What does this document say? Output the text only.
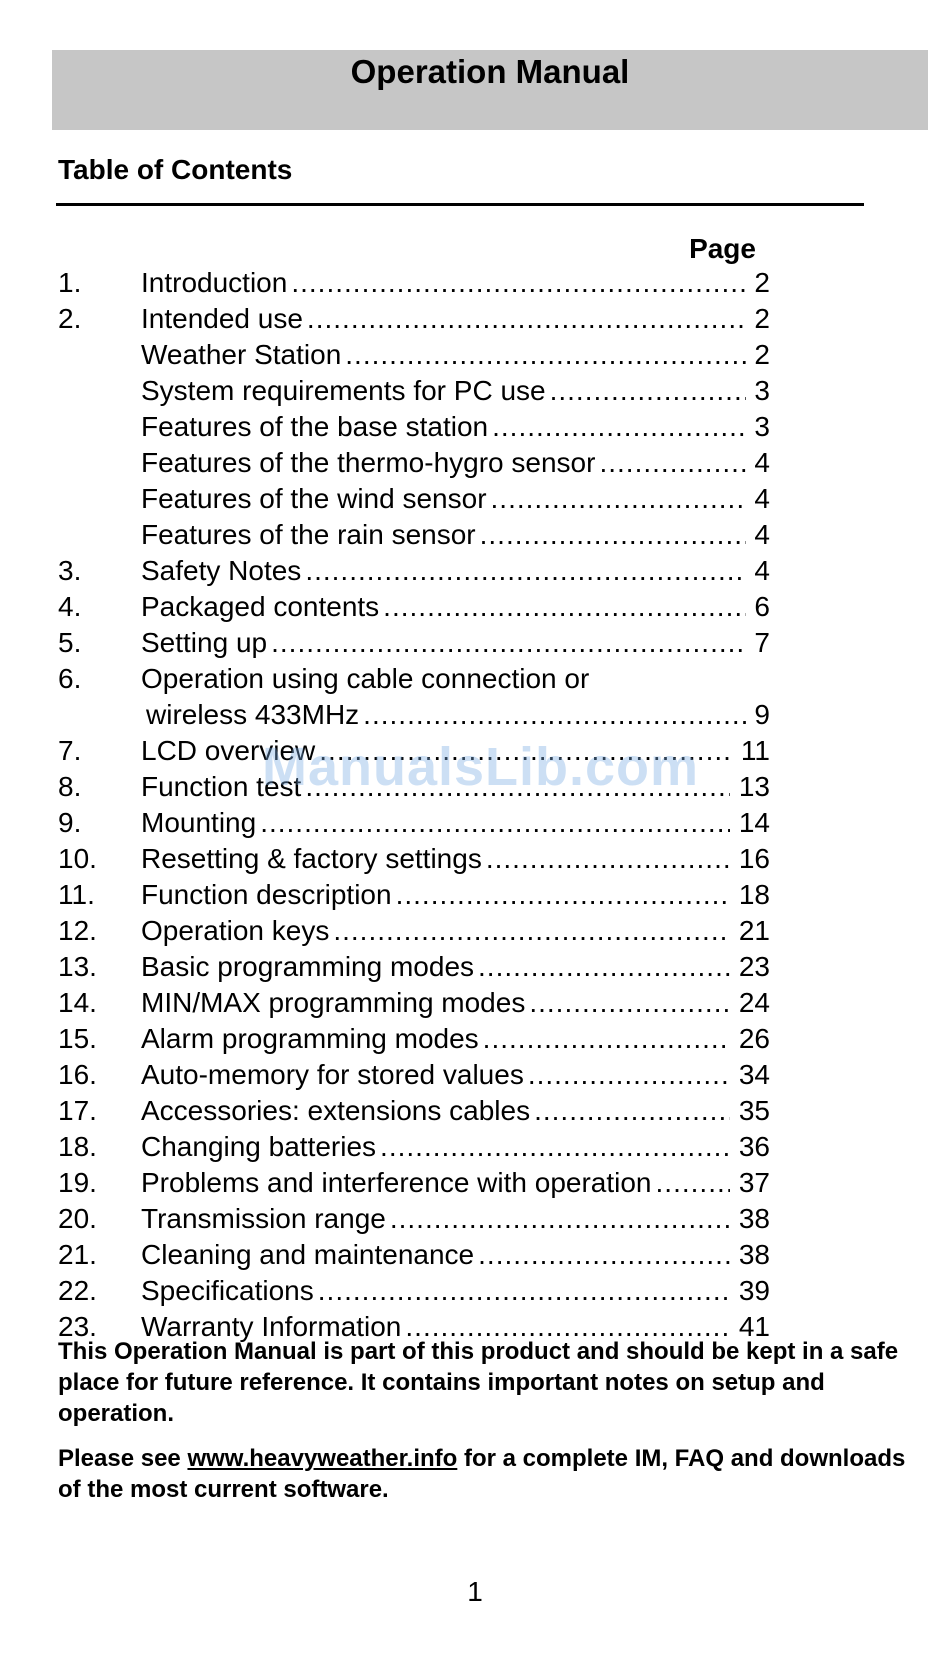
Operation Manual
Table of Contents
Page
1.	Introduction .....	2
2.	Intended use .....	2
Weather Station .....	2
System requirements for PC use .....	3
Features of the base station .....	3
Features of the thermo-hygro sensor .....	4
Features of the wind sensor .....	4
Features of the rain sensor .....	4
3.	Safety Notes .....	4
4.	Packaged contents .....	6
5.	Setting up .....	7
6.	Operation using cable connection or
wireless 433MHz .....	9
7.	LCD overview .....	11
8.	Function test .....	13
9.	Mounting .....	14
10.	Resetting & factory settings .....	16
11.	Function description .....	18
12.	Operation keys .....	21
13.	Basic programming modes .....	23
14.	MIN/MAX programming modes .....	24
15.	Alarm programming modes .....	26
16.	Auto-memory for stored values .....	34
17.	Accessories: extensions cables .....	35
18.	Changing batteries .....	36
19.	Problems and interference with operation .....	37
20.	Transmission range .....	38
21.	Cleaning and maintenance .....	38
22.	Specifications .....	39
23.	Warranty Information .....	41
ManualsLib.com

This Operation Manual is part of this product and should be kept in a safe place for future reference. It contains important notes on setup and operation.

Please see www.heavyweather.info for a complete IM, FAQ and downloads of the most current software.

1
